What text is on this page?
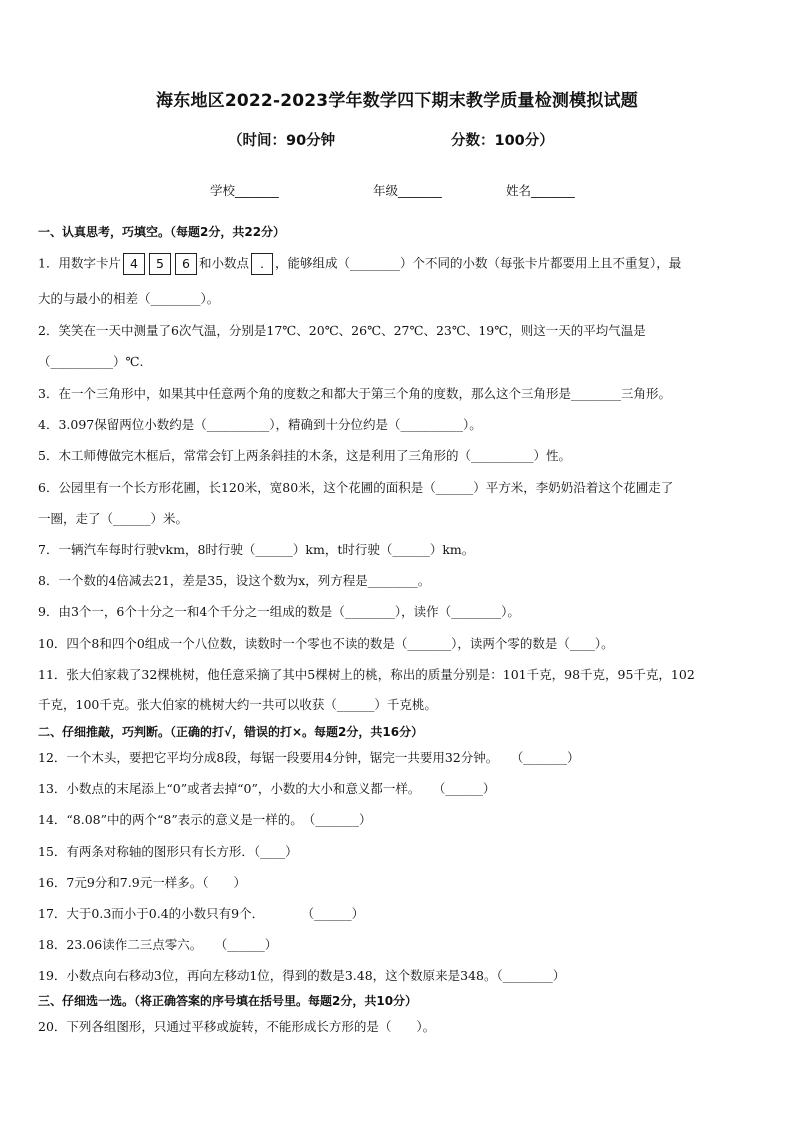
海东地区2022-2023学年数学四下期末教学质量检测模拟试题
（时间：90分钟	分数：100分）
学校_______	年级_______	姓名_______
一、认真思考，巧填空。（每题2分，共22分）
1．用数字卡片 4 5 6 和小数点 . ，能够组成（________）个不同的小数（每张卡片都要用上且不重复），最
大的与最小的相差（________）。
2．笑笑在一天中测量了6次气温，分别是17℃、20℃、26℃、27℃、23℃、19℃，则这一天的平均气温是
（__________）℃.
3．在一个三角形中，如果其中任意两个角的度数之和都大于第三个角的度数，那么这个三角形是________三角形。
4．3.097保留两位小数约是（__________），精确到十分位约是（__________）。
5．木工师傅做完木框后，常常会钉上两条斜挂的木条，这是利用了三角形的（__________）性。
6．公园里有一个长方形花圃，长120米，宽80米，这个花圃的面积是（______）平方米，李奶奶沿着这个花圃走了
一圈，走了（______）米。
7．一辆汽车每时行驶vkm，8时行驶（______）km，t时行驶（______）km。
8．一个数的4倍减去21，差是35，设这个数为x，列方程是________。
9．由3个一，6个十分之一和4个千分之一组成的数是（________），读作（________）。
10．四个8和四个0组成一个八位数，读数时一个零也不读的数是（_______），读两个零的数是（____）。
11．张大伯家栽了32棵桃树，他任意采摘了其中5棵树上的桃，称出的质量分别是：101千克，98千克，95千克，102
千克，100千克。张大伯家的桃树大约一共可以收获（______）千克桃。
二、仔细推敲，巧判断。（正确的打√，错误的打×。每题2分，共16分）
12．一个木头，要把它平均分成8段，每锯一段要用4分钟，锯完一共要用32分钟。　　（_______）
13．小数点的末尾添上“0”或者去掉“0”，小数的大小和意义都一样。　　（______）
14．“8.08”中的两个“8”表示的意义是一样的。　（_______）
15．有两条对称轴的图形只有长方形．（____）
16．7元9分和7.9元一样多。（　　）
17．大于0.3而小于0.4的小数只有9个．　　　　（______）
18．23.06读作二三点零六。　　（______）
19．小数点向右移动3位，再向左移动1位，得到的数是3.48，这个数原来是348。（________）
三、仔细选一选。（将正确答案的序号填在括号里。每题2分，共10分）
20．下列各组图形，只通过平移或旋转，不能形成长方形的是（　　）。
